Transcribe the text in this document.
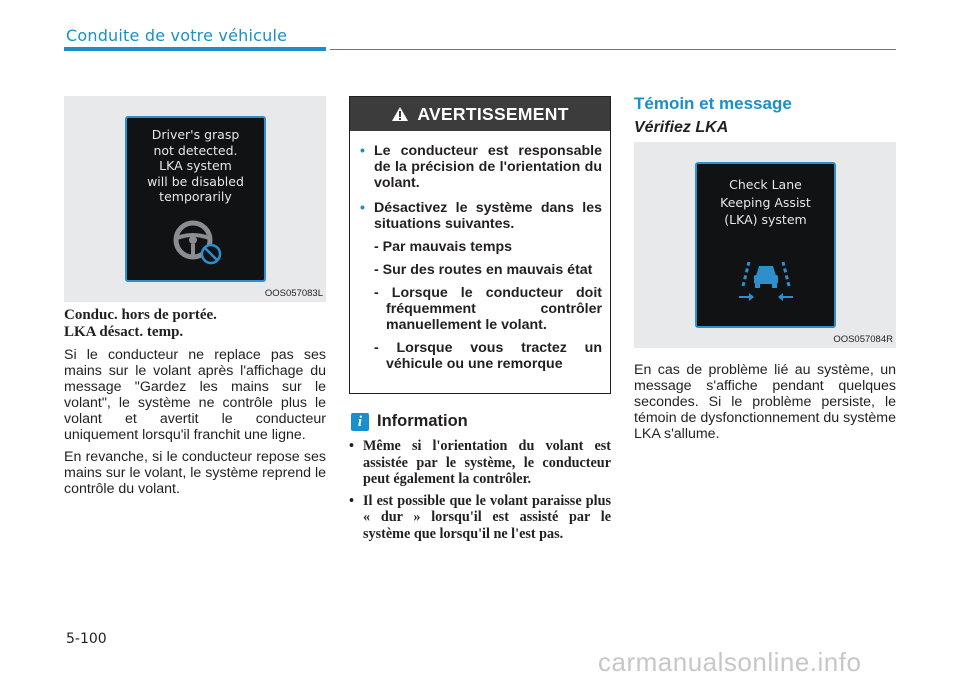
Conduite de votre véhicule
Driver's grasp
not detected.
LKA system
will be disabled
temporarily
OOS057083L
Conduc. hors de portée.
LKA désact. temp.

Si le conducteur ne replace pas ses mains sur le volant après l'affichage du message "Gardez les mains sur le volant", le système ne contrôle plus le volant et avertit le conducteur uniquement lorsqu'il franchit une ligne.

En revanche, si le conducteur repose ses mains sur le volant, le système reprend le contrôle du volant.

AVERTISSEMENT
• Le conducteur est responsable de la précision de l'orientation du volant.
• Désactivez le système dans les situations suivantes.
- Par mauvais temps
- Sur des routes en mauvais état
- Lorsque le conducteur doit fréquemment contrôler manuellement le volant.
- Lorsque vous tractez un véhicule ou une remorque
i Information
• Même si l'orientation du volant est assistée par le système, le conducteur peut également la contrôler.
• Il est possible que le volant paraisse plus « dur » lorsqu'il est assisté par le système que lorsqu'il ne l'est pas.
Témoin et message
Vérifiez LKA
Check Lane
Keeping Assist
(LKA) system
OOS057084R

En cas de problème lié au système, un message s'affiche pendant quelques secondes. Si le problème persiste, le témoin de dysfonctionnement du système LKA s'allume.

5-100
carmanualsonline.info
